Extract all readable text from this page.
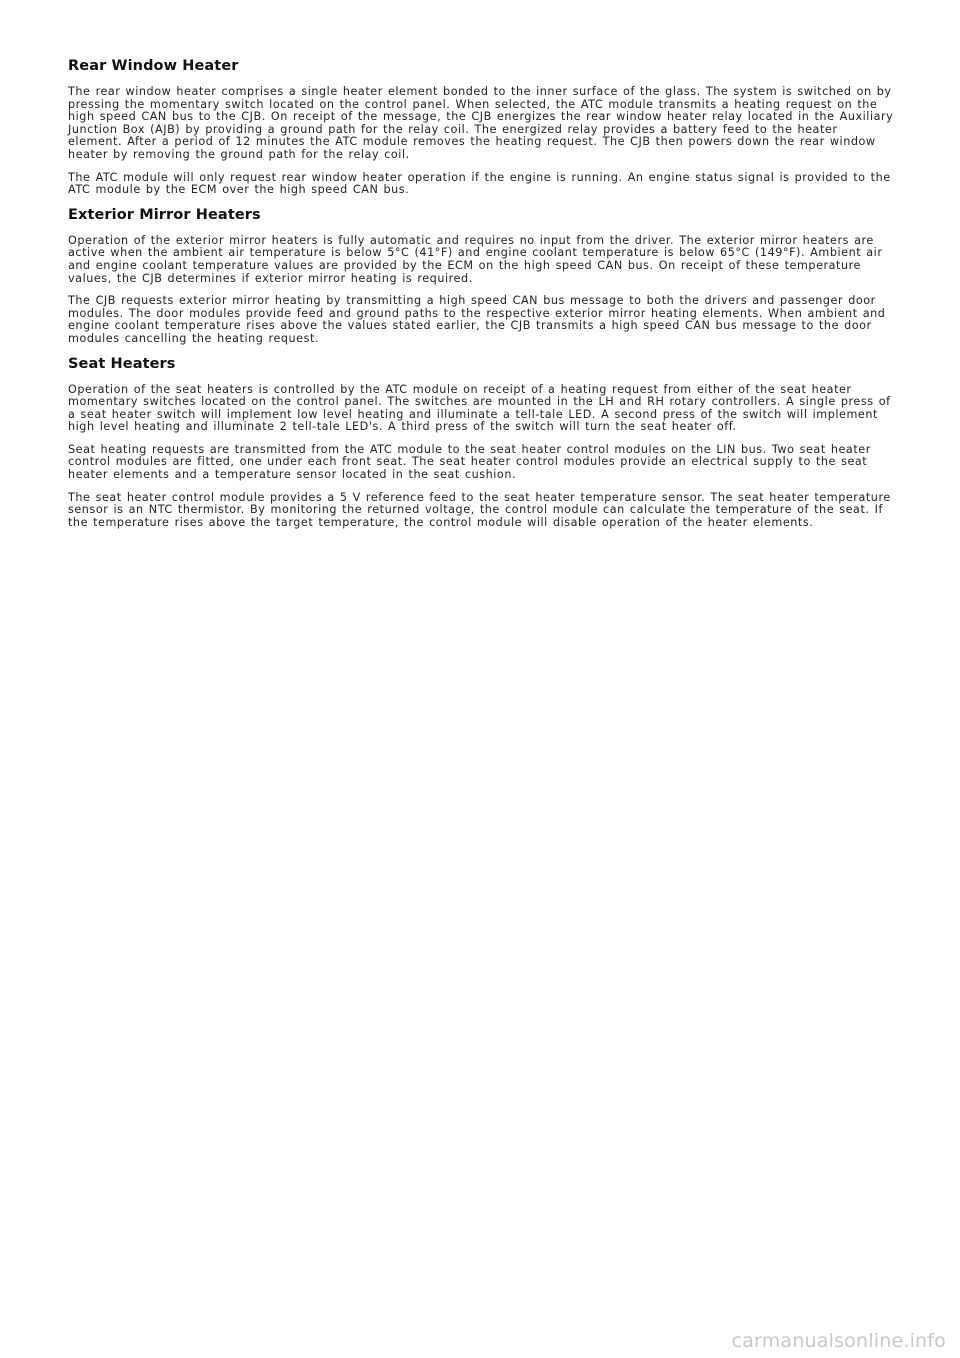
Rear Window Heater

The rear window heater comprises a single heater element bonded to the inner surface of the glass. The system is switched on by pressing the momentary switch located on the control panel. When selected, the ATC module transmits a heating request on the high speed CAN bus to the CJB. On receipt of the message, the CJB energizes the rear window heater relay located in the Auxiliary Junction Box (AJB) by providing a ground path for the relay coil. The energized relay provides a battery feed to the heater element. After a period of 12 minutes the ATC module removes the heating request. The CJB then powers down the rear window heater by removing the ground path for the relay coil.

The ATC module will only request rear window heater operation if the engine is running. An engine status signal is provided to the ATC module by the ECM over the high speed CAN bus.

Exterior Mirror Heaters

Operation of the exterior mirror heaters is fully automatic and requires no input from the driver. The exterior mirror heaters are active when the ambient air temperature is below 5°C (41°F) and engine coolant temperature is below 65°C (149°F). Ambient air and engine coolant temperature values are provided by the ECM on the high speed CAN bus. On receipt of these temperature values, the CJB determines if exterior mirror heating is required.

The CJB requests exterior mirror heating by transmitting a high speed CAN bus message to both the drivers and passenger door modules. The door modules provide feed and ground paths to the respective exterior mirror heating elements. When ambient and engine coolant temperature rises above the values stated earlier, the CJB transmits a high speed CAN bus message to the door modules cancelling the heating request.

Seat Heaters

Operation of the seat heaters is controlled by the ATC module on receipt of a heating request from either of the seat heater momentary switches located on the control panel. The switches are mounted in the LH and RH rotary controllers. A single press of a seat heater switch will implement low level heating and illuminate a tell-tale LED. A second press of the switch will implement high level heating and illuminate 2 tell-tale LED's. A third press of the switch will turn the seat heater off.

Seat heating requests are transmitted from the ATC module to the seat heater control modules on the LIN bus. Two seat heater control modules are fitted, one under each front seat. The seat heater control modules provide an electrical supply to the seat heater elements and a temperature sensor located in the seat cushion.

The seat heater control module provides a 5 V reference feed to the seat heater temperature sensor. The seat heater temperature sensor is an NTC thermistor. By monitoring the returned voltage, the control module can calculate the temperature of the seat. If the temperature rises above the target temperature, the control module will disable operation of the heater elements.

carmanualsonline.info
